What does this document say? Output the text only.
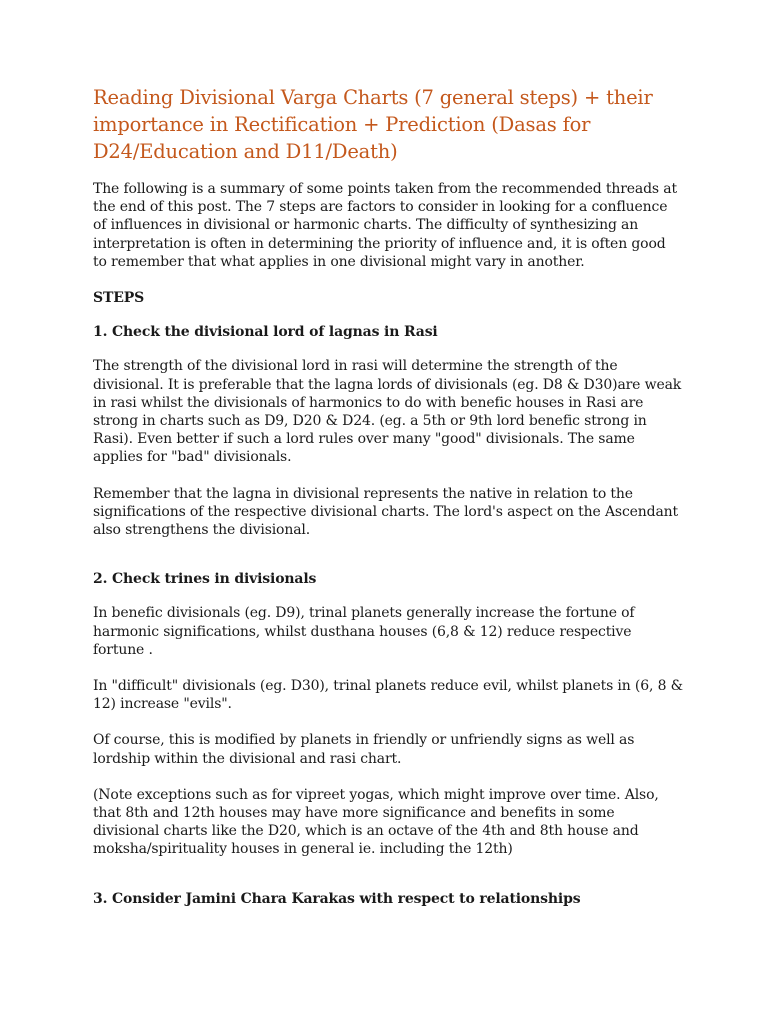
Reading Divisional Varga Charts (7 general steps) + their importance in Rectification + Prediction (Dasas for D24/Education and D11/Death)

The following is a summary of some points taken from the recommended threads at the end of this post. The 7 steps are factors to consider in looking for a confluence of influences in divisional or harmonic charts. The difficulty of synthesizing an interpretation is often in determining the priority of influence and, it is often good to remember that what applies in one divisional might vary in another.

STEPS

1. Check the divisional lord of lagnas in Rasi

The strength of the divisional lord in rasi will determine the strength of the divisional. It is preferable that the lagna lords of divisionals (eg. D8 & D30)are weak in rasi whilst the divisionals of harmonics to do with benefic houses in Rasi are strong in charts such as D9, D20 & D24. (eg. a 5th or 9th lord benefic strong in Rasi). Even better if such a lord rules over many "good" divisionals. The same applies for "bad" divisionals.

Remember that the lagna in divisional represents the native in relation to the significations of the respective divisional charts. The lord's aspect on the Ascendant also strengthens the divisional.

2. Check trines in divisionals

In benefic divisionals (eg. D9), trinal planets generally increase the fortune of harmonic significations, whilst dusthana houses (6,8 & 12) reduce respective fortune .

In "difficult" divisionals (eg. D30), trinal planets reduce evil, whilst planets in (6, 8 & 12) increase "evils".

Of course, this is modified by planets in friendly or unfriendly signs as well as lordship within the divisional and rasi chart.

(Note exceptions such as for vipreet yogas, which might improve over time. Also, that 8th and 12th houses may have more significance and benefits in some divisional charts like the D20, which is an octave of the 4th and 8th house and moksha/spirituality houses in general ie. including the 12th)

3. Consider Jamini Chara Karakas with respect to relationships
